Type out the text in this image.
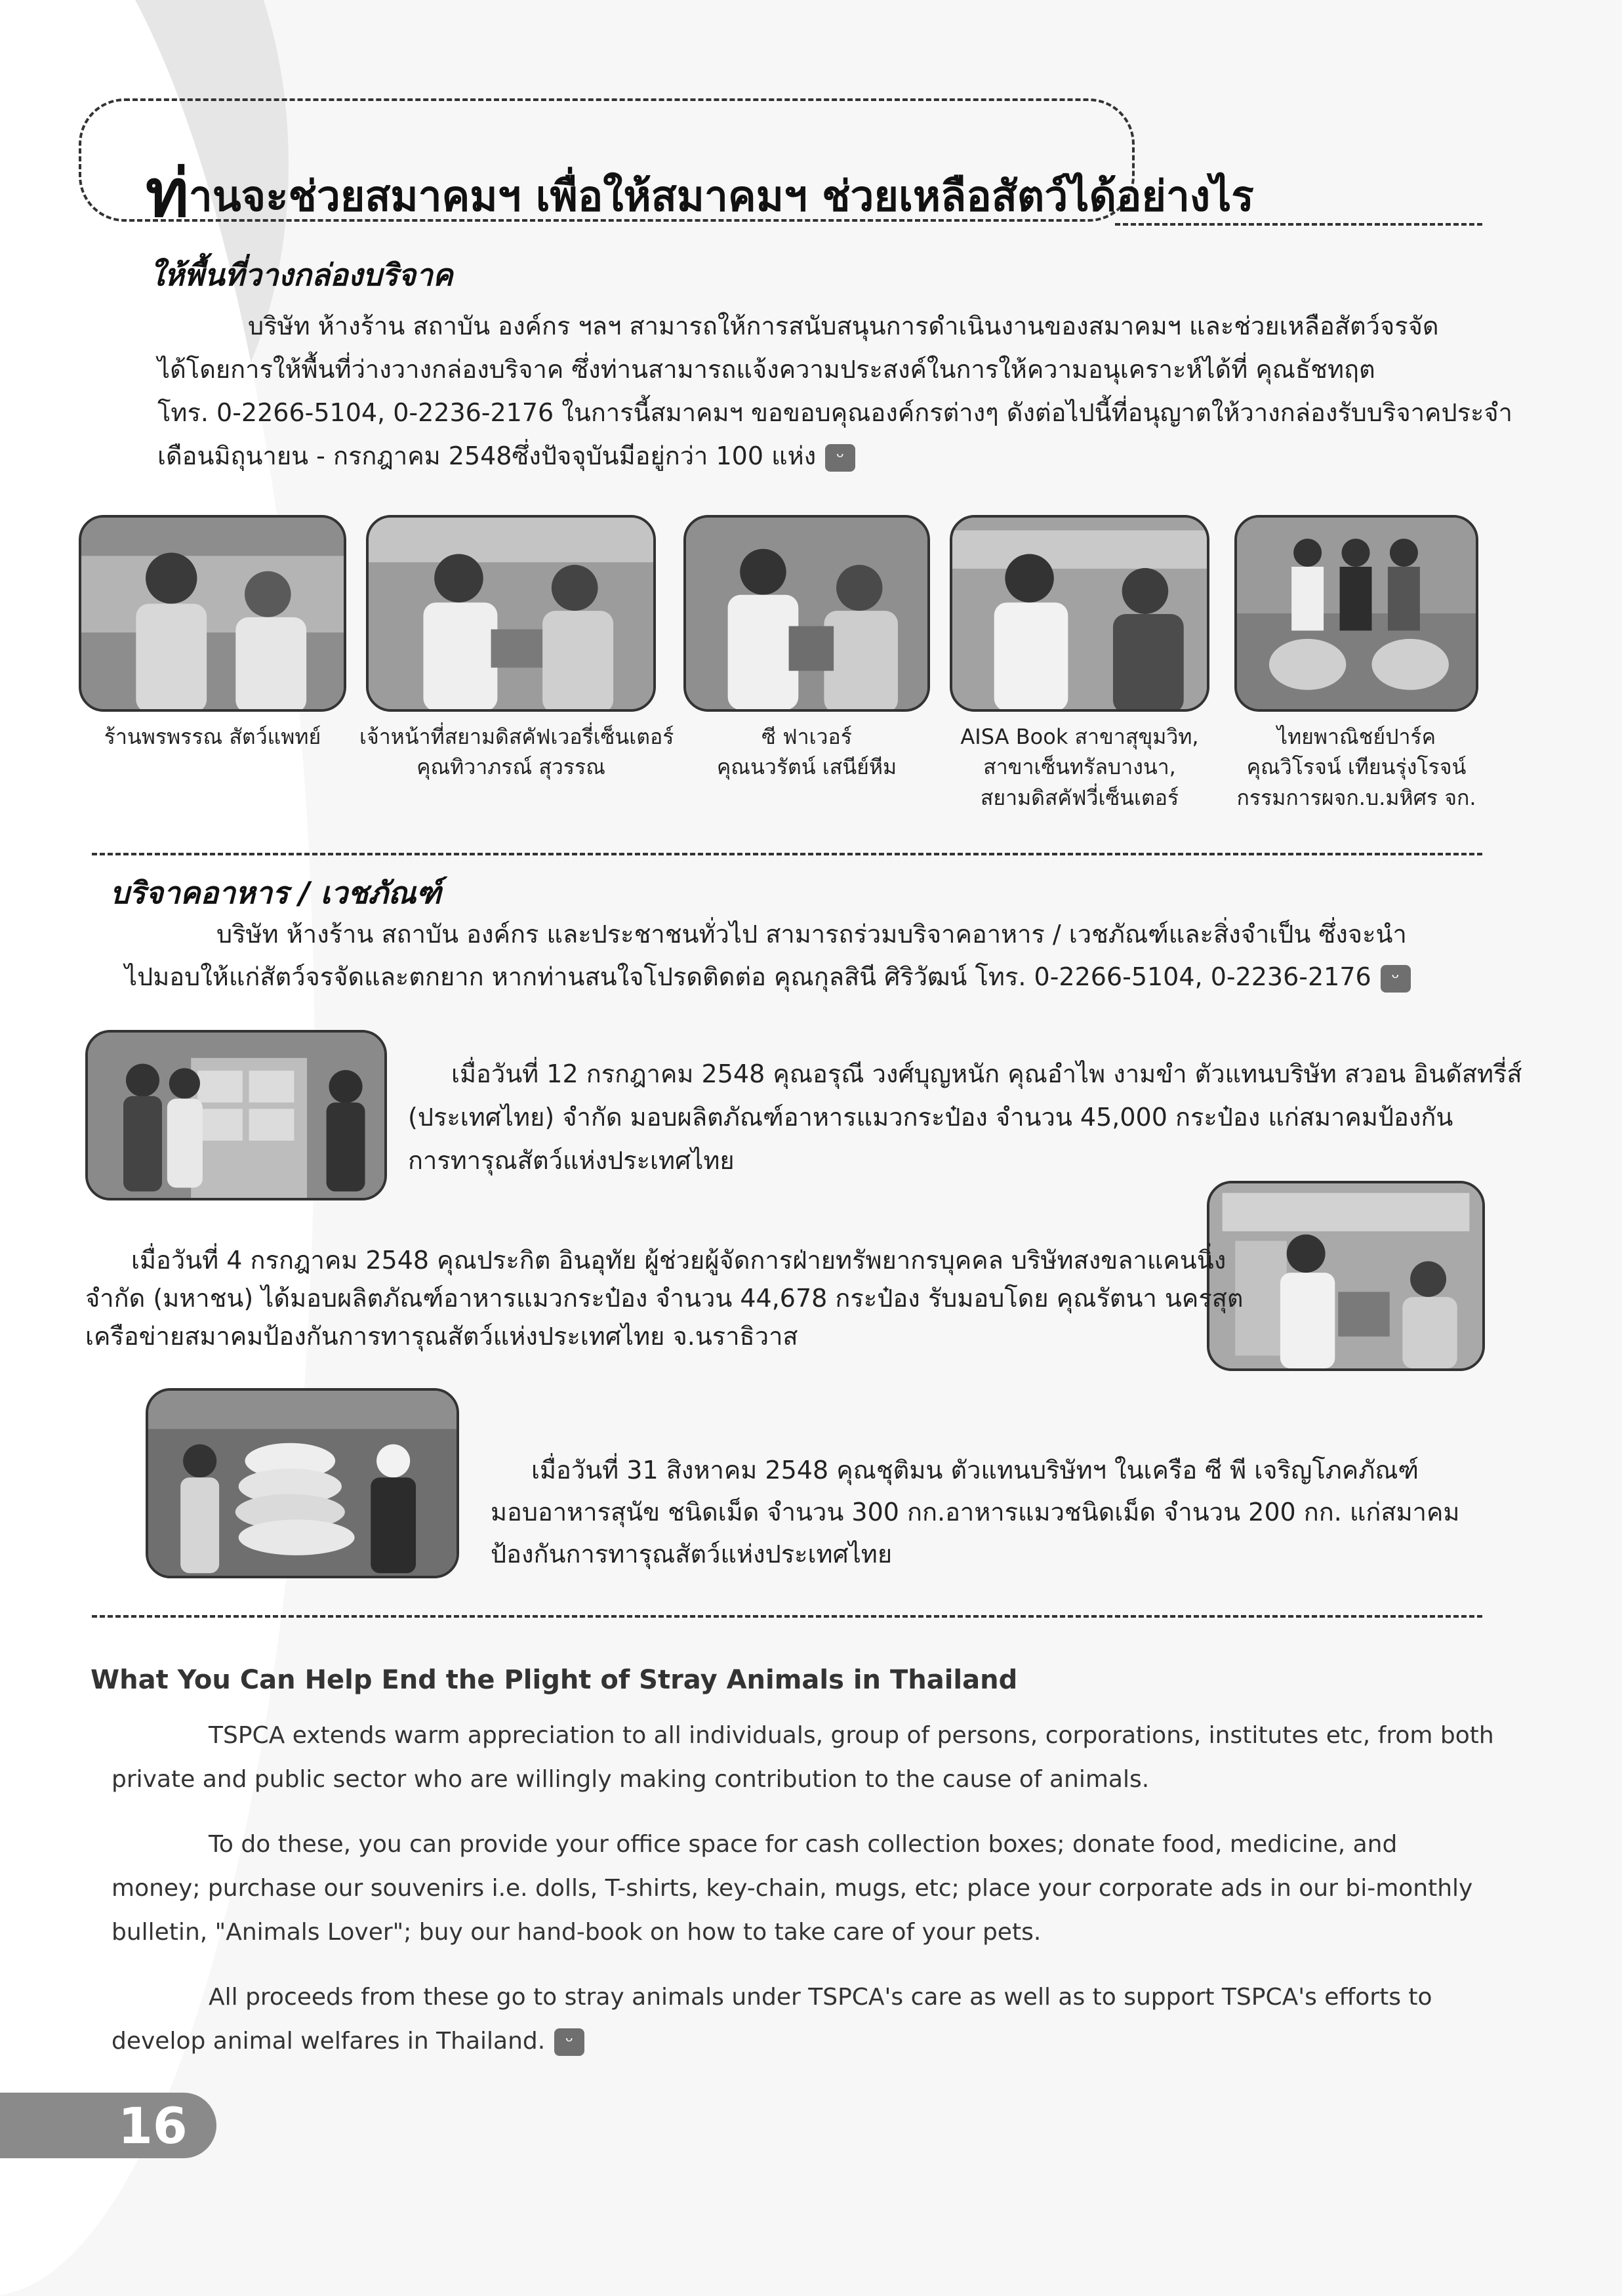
ท่านจะช่วยสมาคมฯ เพื่อให้สมาคมฯ ช่วยเหลือสัตว์ได้อย่างไร
ให้พื้นที่วางกล่องบริจาค
บริษัท ห้างร้าน สถาบัน องค์กร ฯลฯ สามารถให้การสนับสนุนการดำเนินงานของสมาคมฯ และช่วยเหลือสัตว์จรจัด
ได้โดยการให้พื้นที่ว่างวางกล่องบริจาค ซึ่งท่านสามารถแจ้งความประสงค์ในการให้ความอนุเคราะห์ได้ที่ คุณธัชทฤต
โทร. 0-2266-5104, 0-2236-2176 ในการนี้สมาคมฯ ขอขอบคุณองค์กรต่างๆ ดังต่อไปนี้ที่อนุญาตให้วางกล่องรับบริจาคประจำ
เดือนมิถุนายน - กรกฎาคม 2548ซึ่งปัจจุบันมีอยู่กว่า 100 แห่ง ᵕ
ร้านพรพรรณ สัตว์แพทย์	เจ้าหน้าที่สยามดิสคัฟเวอรี่เซ็นเตอร์
คุณทิวาภรณ์ สุวรรณ
ซี ฟาเวอร์
คุณนวรัตน์ เสนีย์หีม
AISA Book สาขาสุขุมวิท,
สาขาเซ็นทรัลบางนา,
สยามดิสคัฟวี่เซ็นเตอร์
ไทยพาณิชย์ปาร์ค
คุณวิโรจน์ เทียนรุ่งโรจน์
กรรมการผจก.บ.มหิศร จก.
บริจาคอาหาร / เวชภัณฑ์
บริษัท ห้างร้าน สถาบัน องค์กร และประชาชนทั่วไป สามารถร่วมบริจาคอาหาร / เวชภัณฑ์และสิ่งจำเป็น ซึ่งจะนำ
ไปมอบให้แก่สัตว์จรจัดและตกยาก หากท่านสนใจโปรดติดต่อ คุณกุลสินี ศิริวัฒน์ โทร. 0-2266-5104, 0-2236-2176 ᵕ
เมื่อวันที่ 12 กรกฎาคม 2548 คุณอรุณี วงศ์บุญหนัก คุณอำไพ งามขำ ตัวแทนบริษัท สวอน อินดัสทรี่ส์
(ประเทศไทย) จำกัด มอบผลิตภัณฑ์อาหารแมวกระป๋อง จำนวน 45,000 กระป๋อง แก่สมาคมป้องกัน
การทารุณสัตว์แห่งประเทศไทย
เมื่อวันที่ 4 กรกฎาคม 2548 คุณประกิต อินอุทัย ผู้ช่วยผู้จัดการฝ่ายทรัพยากรบุคคล บริษัทสงขลาแคนนิ่ง
จำกัด (มหาชน) ได้มอบผลิตภัณฑ์อาหารแมวกระป๋อง จำนวน 44,678 กระป๋อง รับมอบโดย คุณรัตนา นครสุต
เครือข่ายสมาคมป้องกันการทารุณสัตว์แห่งประเทศไทย จ.นราธิวาส
เมื่อวันที่ 31 สิงหาคม 2548 คุณชุติมน ตัวแทนบริษัทฯ ในเครือ ซี พี เจริญโภคภัณฑ์
มอบอาหารสุนัข ชนิดเม็ด จำนวน 300 กก.อาหารแมวชนิดเม็ด จำนวน 200 กก. แก่สมาคม
ป้องกันการทารุณสัตว์แห่งประเทศไทย
What You Can Help End the Plight of Stray Animals in Thailand
TSPCA extends warm appreciation to all individuals, group of persons, corporations, institutes etc, from both
private and public sector who are willingly making contribution to the cause of animals.
To do these, you can provide your office space for cash collection boxes; donate food, medicine, and
money; purchase our souvenirs i.e. dolls, T-shirts, key-chain, mugs, etc; place your corporate ads in our bi-monthly
bulletin, "Animals Lover"; buy our hand-book on how to take care of your pets.
All proceeds from these go to stray animals under TSPCA's care as well as to support TSPCA's efforts to
develop animal welfares in Thailand. ᵕ
16
